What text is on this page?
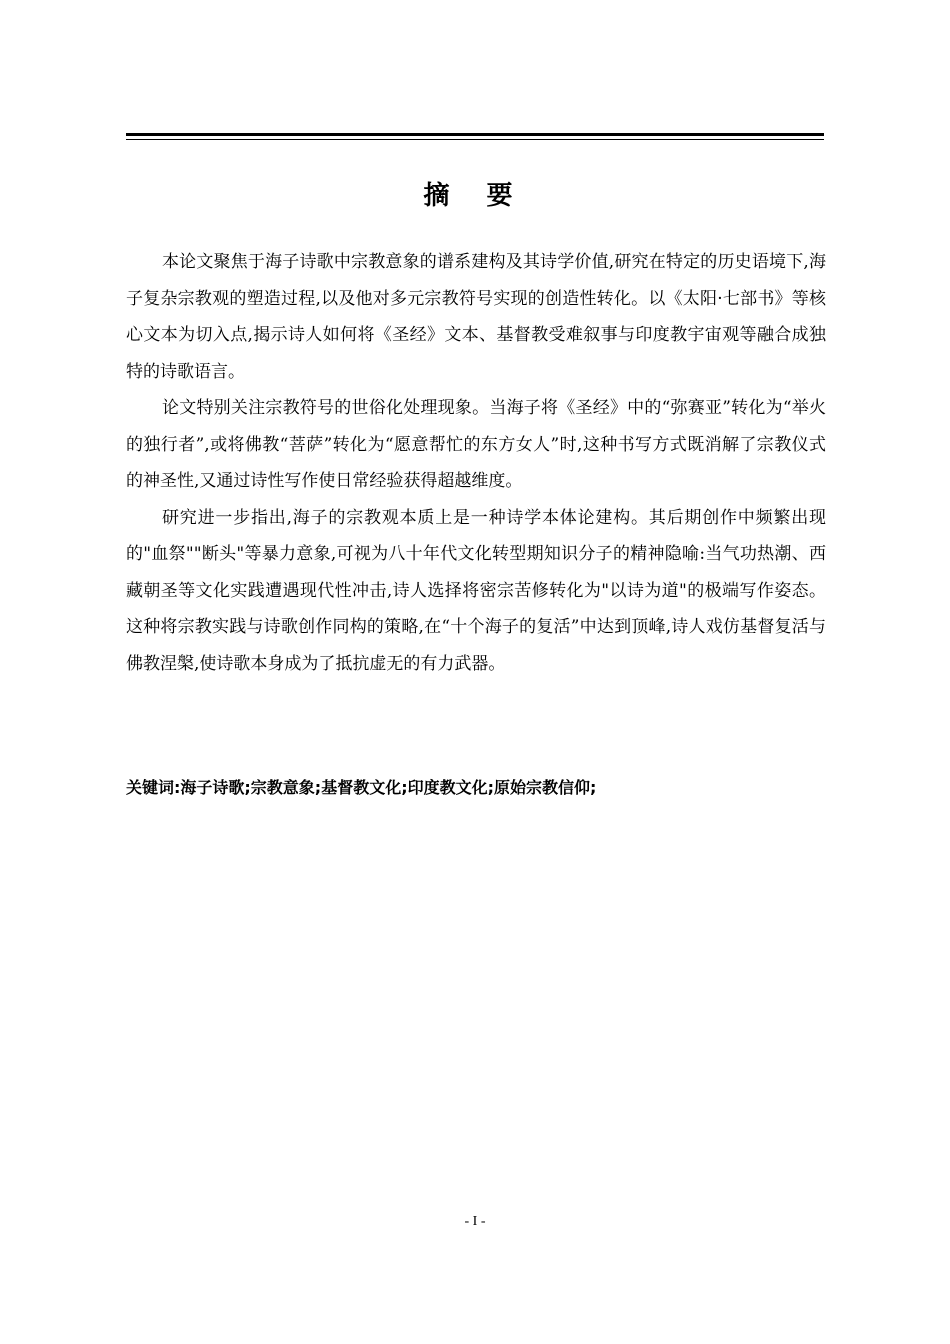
摘 要

本论文聚焦于海子诗歌中宗教意象的谱系建构及其诗学价值,研究在特定的历史语境下,海子复杂宗教观的塑造过程,以及他对多元宗教符号实现的创造性转化。以《太阳·七部书》等核心文本为切入点,揭示诗人如何将《圣经》文本、基督教受难叙事与印度教宇宙观等融合成独特的诗歌语言。

论文特别关注宗教符号的世俗化处理现象。当海子将《圣经》中的“弥赛亚”转化为“举火的独行者”,或将佛教“菩萨”转化为“愿意帮忙的东方女人”时,这种书写方式既消解了宗教仪式的神圣性,又通过诗性写作使日常经验获得超越维度。

研究进一步指出,海子的宗教观本质上是一种诗学本体论建构。其后期创作中频繁出现的"血祭""断头"等暴力意象,可视为八十年代文化转型期知识分子的精神隐喻:当气功热潮、西藏朝圣等文化实践遭遇现代性冲击,诗人选择将密宗苦修转化为"以诗为道"的极端写作姿态。这种将宗教实践与诗歌创作同构的策略,在“十个海子的复活”中达到顶峰,诗人戏仿基督复活与佛教涅槃,使诗歌本身成为了抵抗虚无的有力武器。

关键词:海子诗歌;宗教意象;基督教文化;印度教文化;原始宗教信仰;
- I -
